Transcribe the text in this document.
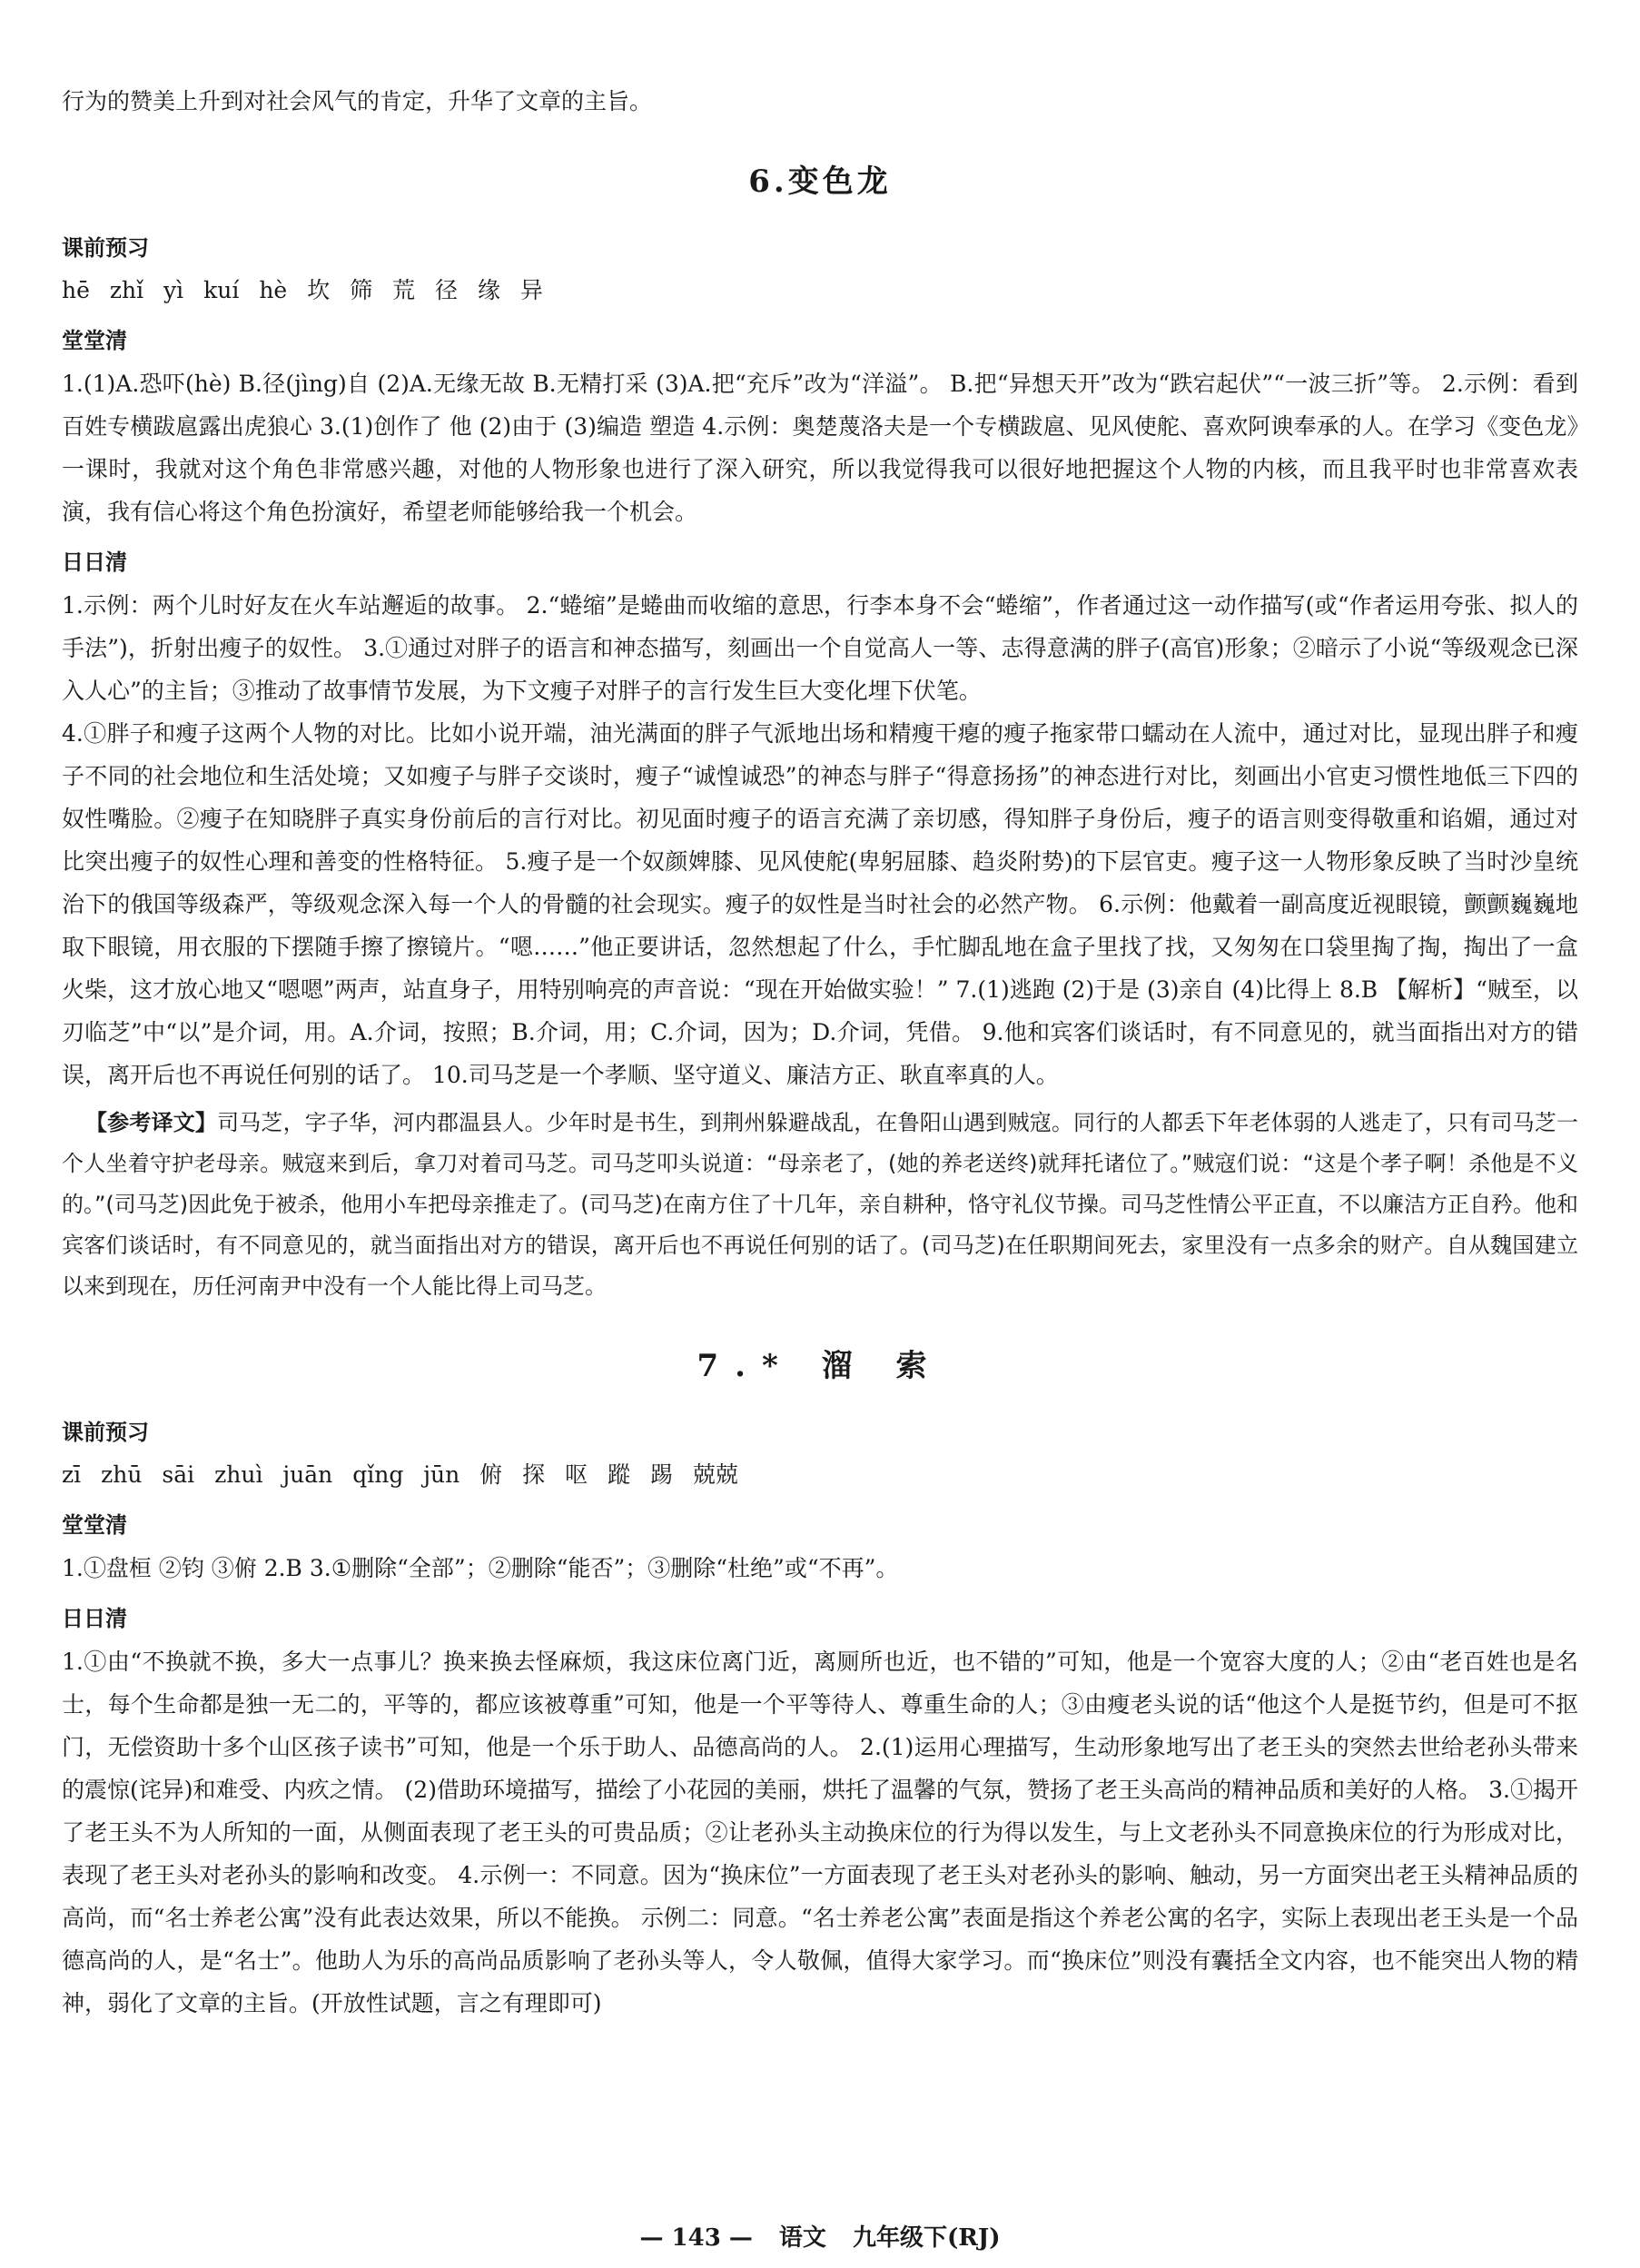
行为的赞美上升到对社会风气的肯定，升华了文章的主旨。

6.变色龙
课前预习

hē zhǐ yì kuí hè 坎 筛 荒 径 缘 异

堂堂清

1.(1)A.恐吓(hè) B.径(jìng)自 (2)A.无缘无故 B.无精打采 (3)A.把“充斥”改为“洋溢”。 B.把“异想天开”改为“跌宕起伏”“一波三折”等。 2.示例：看到百姓专横跋扈露出虎狼心 3.(1)创作了 他 (2)由于 (3)编造 塑造 4.示例：奥楚蔑洛夫是一个专横跋扈、见风使舵、喜欢阿谀奉承的人。在学习《变色龙》一课时，我就对这个角色非常感兴趣，对他的人物形象也进行了深入研究，所以我觉得我可以很好地把握这个人物的内核，而且我平时也非常喜欢表演，我有信心将这个角色扮演好，希望老师能够给我一个机会。

日日清

1.示例：两个儿时好友在火车站邂逅的故事。 2.“蜷缩”是蜷曲而收缩的意思，行李本身不会“蜷缩”，作者通过这一动作描写(或“作者运用夸张、拟人的手法”)，折射出瘦子的奴性。 3.①通过对胖子的语言和神态描写，刻画出一个自觉高人一等、志得意满的胖子(高官)形象；②暗示了小说“等级观念已深入人心”的主旨；③推动了故事情节发展，为下文瘦子对胖子的言行发生巨大变化埋下伏笔。

4.①胖子和瘦子这两个人物的对比。比如小说开端，油光满面的胖子气派地出场和精瘦干瘪的瘦子拖家带口蠕动在人流中，通过对比，显现出胖子和瘦子不同的社会地位和生活处境；又如瘦子与胖子交谈时，瘦子“诚惶诚恐”的神态与胖子“得意扬扬”的神态进行对比，刻画出小官吏习惯性地低三下四的奴性嘴脸。②瘦子在知晓胖子真实身份前后的言行对比。初见面时瘦子的语言充满了亲切感，得知胖子身份后，瘦子的语言则变得敬重和谄媚，通过对比突出瘦子的奴性心理和善变的性格特征。 5.瘦子是一个奴颜婢膝、见风使舵(卑躬屈膝、趋炎附势)的下层官吏。瘦子这一人物形象反映了当时沙皇统治下的俄国等级森严，等级观念深入每一个人的骨髓的社会现实。瘦子的奴性是当时社会的必然产物。 6.示例：他戴着一副高度近视眼镜，颤颤巍巍地取下眼镜，用衣服的下摆随手擦了擦镜片。“嗯……”他正要讲话，忽然想起了什么，手忙脚乱地在盒子里找了找，又匆匆在口袋里掏了掏，掏出了一盒火柴，这才放心地又“嗯嗯”两声，站直身子，用特别响亮的声音说：“现在开始做实验！” 7.(1)逃跑 (2)于是 (3)亲自 (4)比得上 8.B 【解析】“贼至，以刃临芝”中“以”是介词，用。A.介词，按照；B.介词，用；C.介词，因为；D.介词，凭借。 9.他和宾客们谈话时，有不同意见的，就当面指出对方的错误，离开后也不再说任何别的话了。 10.司马芝是一个孝顺、坚守道义、廉洁方正、耿直率真的人。

【参考译文】司马芝，字子华，河内郡温县人。少年时是书生，到荆州躲避战乱，在鲁阳山遇到贼寇。同行的人都丢下年老体弱的人逃走了，只有司马芝一个人坐着守护老母亲。贼寇来到后，拿刀对着司马芝。司马芝叩头说道：“母亲老了，(她的养老送终)就拜托诸位了。”贼寇们说：“这是个孝子啊！杀他是不义的。”(司马芝)因此免于被杀，他用小车把母亲推走了。(司马芝)在南方住了十几年，亲自耕种，恪守礼仪节操。司马芝性情公平正直，不以廉洁方正自矜。他和宾客们谈话时，有不同意见的，就当面指出对方的错误，离开后也不再说任何别的话了。(司马芝)在任职期间死去，家里没有一点多余的财产。自从魏国建立以来到现在，历任河南尹中没有一个人能比得上司马芝。

7.* 溜 索
课前预习

zī zhū sāi zhuì juān qǐng jūn 俯 探 呕 蹤 踢 兢兢

堂堂清

1.①盘桓 ②钧 ③俯 2.B 3.①删除“全部”；②删除“能否”；③删除“杜绝”或“不再”。

日日清

1.①由“不换就不换，多大一点事儿？换来换去怪麻烦，我这床位离门近，离厕所也近，也不错的”可知，他是一个宽容大度的人；②由“老百姓也是名士，每个生命都是独一无二的，平等的，都应该被尊重”可知，他是一个平等待人、尊重生命的人；③由瘦老头说的话“他这个人是挺节约，但是可不抠门，无偿资助十多个山区孩子读书”可知，他是一个乐于助人、品德高尚的人。 2.(1)运用心理描写，生动形象地写出了老王头的突然去世给老孙头带来的震惊(诧异)和难受、内疚之情。 (2)借助环境描写，描绘了小花园的美丽，烘托了温馨的气氛，赞扬了老王头高尚的精神品质和美好的人格。 3.①揭开了老王头不为人所知的一面，从侧面表现了老王头的可贵品质；②让老孙头主动换床位的行为得以发生，与上文老孙头不同意换床位的行为形成对比，表现了老王头对老孙头的影响和改变。 4.示例一：不同意。因为“换床位”一方面表现了老王头对老孙头的影响、触动，另一方面突出老王头精神品质的高尚，而“名士养老公寓”没有此表达效果，所以不能换。 示例二：同意。“名士养老公寓”表面是指这个养老公寓的名字，实际上表现出老王头是一个品德高尚的人，是“名士”。他助人为乐的高尚品质影响了老孙头等人，令人敬佩，值得大家学习。而“换床位”则没有囊括全文内容，也不能突出人物的精神，弱化了文章的主旨。(开放性试题，言之有理即可)

— 143 — 语文 九年级下(RJ)
